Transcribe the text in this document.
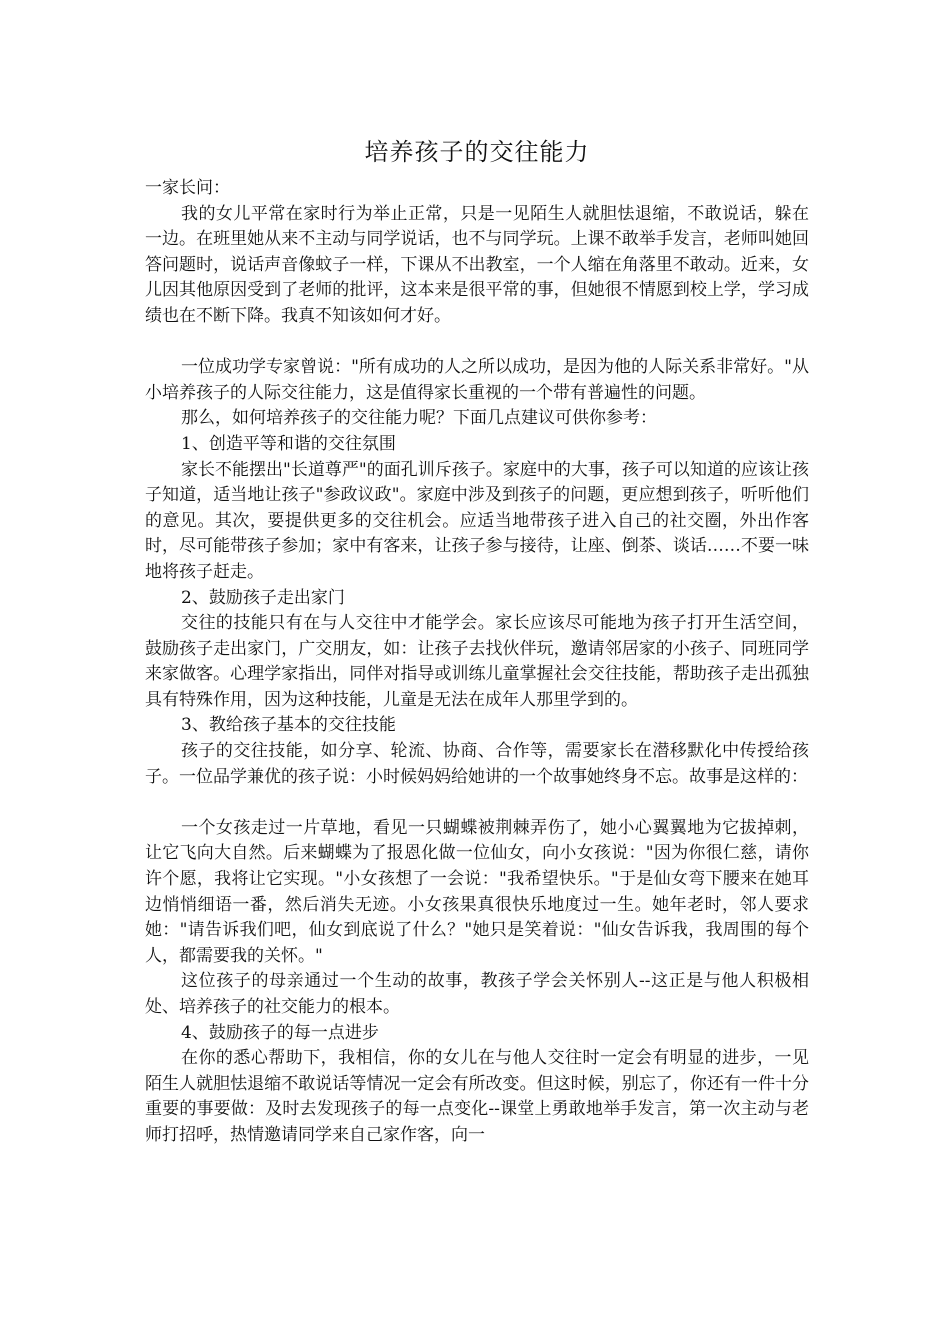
培养孩子的交往能力

一家长问：

我的女儿平常在家时行为举止正常，只是一见陌生人就胆怯退缩，不敢说话，躲在一边。在班里她从来不主动与同学说话，也不与同学玩。上课不敢举手发言，老师叫她回答问题时，说话声音像蚊子一样，下课从不出教室，一个人缩在角落里不敢动。近来，女儿因其他原因受到了老师的批评，这本来是很平常的事，但她很不情愿到校上学，学习成绩也在不断下降。我真不知该如何才好。

一位成功学专家曾说："所有成功的人之所以成功，是因为他的人际关系非常好。"从小培养孩子的人际交往能力，这是值得家长重视的一个带有普遍性的问题。

那么，如何培养孩子的交往能力呢？下面几点建议可供你参考：

1、创造平等和谐的交往氛围

家长不能摆出"长道尊严"的面孔训斥孩子。家庭中的大事，孩子可以知道的应该让孩子知道，适当地让孩子"参政议政"。家庭中涉及到孩子的问题，更应想到孩子，听听他们的意见。其次，要提供更多的交往机会。应适当地带孩子进入自己的社交圈，外出作客时，尽可能带孩子参加；家中有客来，让孩子参与接待，让座、倒茶、谈话……不要一味地将孩子赶走。

2、鼓励孩子走出家门

交往的技能只有在与人交往中才能学会。家长应该尽可能地为孩子打开生活空间，鼓励孩子走出家门，广交朋友，如：让孩子去找伙伴玩，邀请邻居家的小孩子、同班同学来家做客。心理学家指出，同伴对指导或训练儿童掌握社会交往技能，帮助孩子走出孤独具有特殊作用，因为这种技能，儿童是无法在成年人那里学到的。

3、教给孩子基本的交往技能

孩子的交往技能，如分享、轮流、协商、合作等，需要家长在潜移默化中传授给孩子。一位品学兼优的孩子说：小时候妈妈给她讲的一个故事她终身不忘。故事是这样的：

一个女孩走过一片草地，看见一只蝴蝶被荆棘弄伤了，她小心翼翼地为它拔掉刺，让它飞向大自然。后来蝴蝶为了报恩化做一位仙女，向小女孩说："因为你很仁慈，请你许个愿，我将让它实现。"小女孩想了一会说："我希望快乐。"于是仙女弯下腰来在她耳边悄悄细语一番，然后消失无迹。小女孩果真很快乐地度过一生。她年老时，邻人要求她："请告诉我们吧，仙女到底说了什么？"她只是笑着说："仙女告诉我，我周围的每个人，都需要我的关怀。"

这位孩子的母亲通过一个生动的故事，教孩子学会关怀别人--这正是与他人积极相处、培养孩子的社交能力的根本。

4、鼓励孩子的每一点进步

在你的悉心帮助下，我相信，你的女儿在与他人交往时一定会有明显的进步，一见陌生人就胆怯退缩不敢说话等情况一定会有所改变。但这时候，别忘了，你还有一件十分重要的事要做：及时去发现孩子的每一点变化--课堂上勇敢地举手发言，第一次主动与老师打招呼，热情邀请同学来自己家作客，向一
